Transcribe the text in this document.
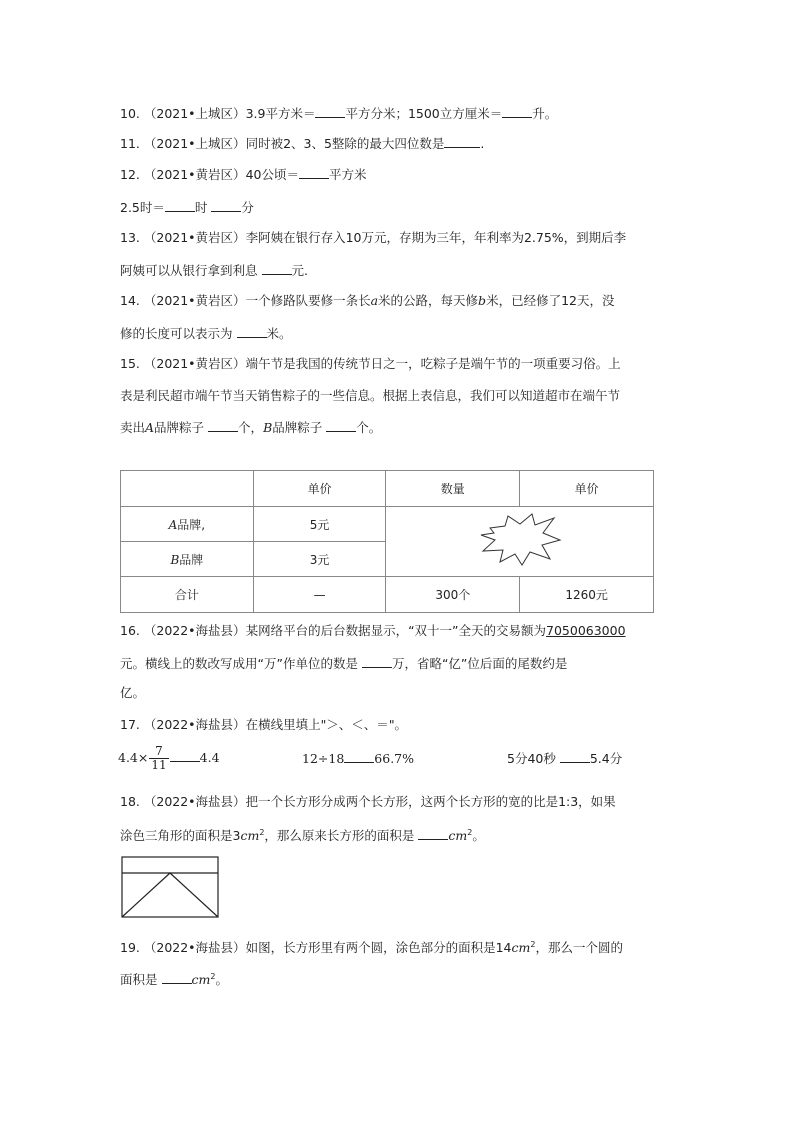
10. （2021•上城区）3.9平方米＝ 平方分米；1500立方厘米＝ 升。
11. （2021•上城区）同时被2、3、5整除的最大四位数是	.
12. （2021•黄岩区）40公顷＝ 平方米
2.5时＝ 时	分
13. （2021•黄岩区）李阿姨在银行存入10万元，存期为三年，年利率为2.75%，到期后李
阿姨可以从银行拿到利息	元.
14. （2021•黄岩区）一个修路队要修一条长a米的公路，每天修b米，已经修了12天，没
修的长度可以表示为	米。
15. （2021•黄岩区）端午节是我国的传统节日之一，吃粽子是端午节的一项重要习俗。上
表是利民超市端午节当天销售粽子的一些信息。根据上表信息，我们可以知道超市在端午节
卖出A品牌粽子	个，B品牌粽子	个。
	单价	数量	单价
A品牌,	5元	
B品牌	3元		
合计	—	300个	1260元
16. （2022•海盐县）某网络平台的后台数据显示，“双十一”全天的交易额为7050063000
元。横线上的数改写成用“万”作单位的数是	万，省略“亿”位后面的尾数约是
亿。
17. （2022•海盐县）在横线里填上"＞、＜、＝"。
$4.4\times \frac{7}{11} 4.4$	12÷18 66.7%	5分40秒	5.4分
18. （2022•海盐县）把一个长方形分成两个长方形，这两个长方形的宽的比是1:3，如果
涂色三角形的面积是$3cm^2$，那么原来长方形的面积是	$cm^2$。
19. （2022•海盐县）如图，长方形里有两个圆，涂色部分的面积是$14cm^2$，那么一个圆的
面积是	$cm^2$。
